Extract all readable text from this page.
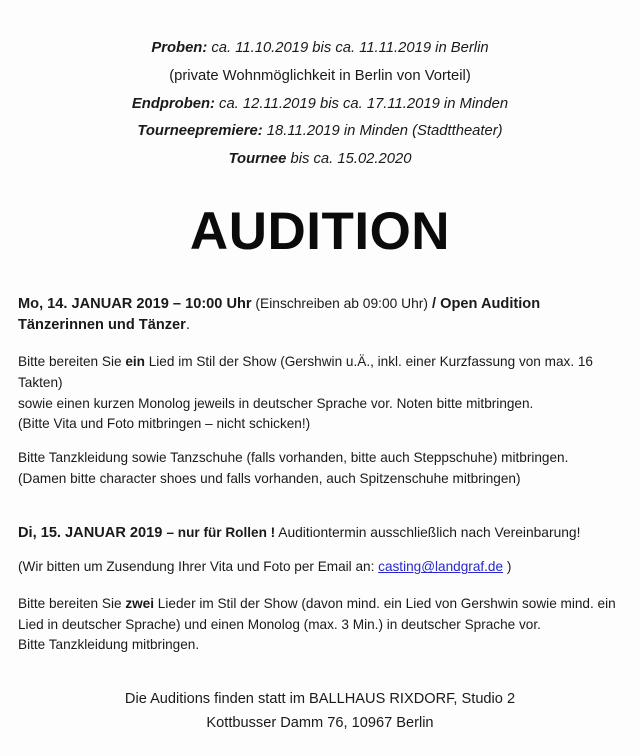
Proben: ca. 11.10.2019 bis ca. 11.11.2019 in Berlin
(private Wohnmöglichkeit in Berlin von Vorteil)
Endproben: ca. 12.11.2019 bis ca. 17.11.2019 in Minden
Tourneepremiere: 18.11.2019 in Minden (Stadttheater)
Tournee bis ca. 15.02.2020
AUDITION
Mo, 14. JANUAR 2019 – 10:00 Uhr (Einschreiben ab 09:00 Uhr) / Open Audition
Tänzerinnen und Tänzer.
Bitte bereiten Sie ein Lied im Stil der Show (Gershwin u.Ä., inkl. einer Kurzfassung von max. 16 Takten)
sowie einen kurzen Monolog jeweils in deutscher Sprache vor. Noten bitte mitbringen.
(Bitte Vita und Foto mitbringen – nicht schicken!)
Bitte Tanzkleidung sowie Tanzschuhe (falls vorhanden, bitte auch Steppschuhe) mitbringen.
(Damen bitte character shoes und falls vorhanden, auch Spitzenschuhe mitbringen)
Di, 15. JANUAR 2019 – nur für Rollen ! Auditiontermin ausschließlich nach Vereinbarung!
(Wir bitten um Zusendung Ihrer Vita und Foto per Email an: casting@landgraf.de )
Bitte bereiten Sie zwei Lieder im Stil der Show (davon mind. ein Lied von Gershwin sowie mind. ein
Lied in deutscher Sprache) und einen Monolog (max. 3 Min.) in deutscher Sprache vor.
Bitte Tanzkleidung mitbringen.
Die Auditions finden statt im BALLHAUS RIXDORF, Studio 2
Kottbusser Damm 76, 10967 Berlin
